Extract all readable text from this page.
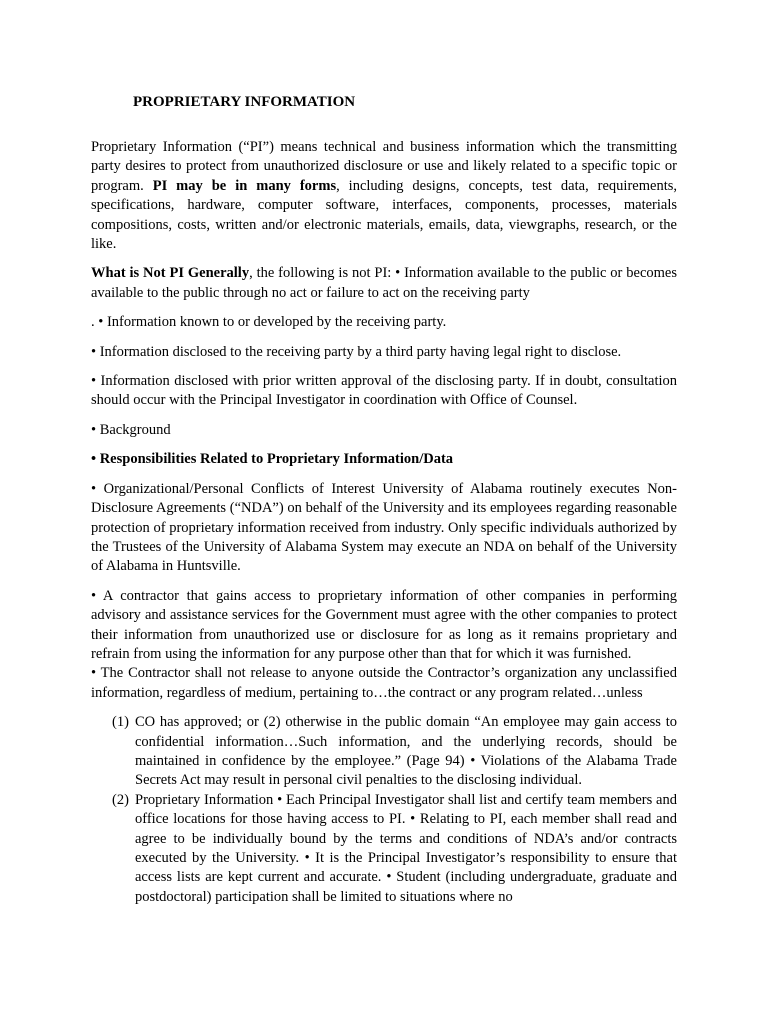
PROPRIETARY INFORMATION

Proprietary Information (“PI”) means technical and business information which the transmitting party desires to protect from unauthorized disclosure or use and likely related to a specific topic or program. PI may be in many forms, including designs, concepts, test data, requirements, specifications, hardware, computer software, interfaces, components, processes, materials compositions, costs, written and/or electronic materials, emails, data, viewgraphs, research, or the like.

What is Not PI Generally, the following is not PI: • Information available to the public or becomes available to the public through no act or failure to act on the receiving party

. • Information known to or developed by the receiving party.

• Information disclosed to the receiving party by a third party having legal right to disclose.

• Information disclosed with prior written approval of the disclosing party. If in doubt, consultation should occur with the Principal Investigator in coordination with Office of Counsel.

• Background

• Responsibilities Related to Proprietary Information/Data

• Organizational/Personal Conflicts of Interest University of Alabama routinely executes Non-Disclosure Agreements (“NDA”) on behalf of the University and its employees regarding reasonable protection of proprietary information received from industry. Only specific individuals authorized by the Trustees of the University of Alabama System may execute an NDA on behalf of the University of Alabama in Huntsville.

• A contractor that gains access to proprietary information of other companies in performing advisory and assistance services for the Government must agree with the other companies to protect their information from unauthorized use or disclosure for as long as it remains proprietary and refrain from using the information for any purpose other than that for which it was furnished.

• The Contractor shall not release to anyone outside the Contractor’s organization any unclassified information, regardless of medium, pertaining to…the contract or any program related…unless

(1) CO has approved; or (2) otherwise in the public domain “An employee may gain access to confidential information…Such information, and the underlying records, should be maintained in confidence by the employee.” (Page 94) • Violations of the Alabama Trade Secrets Act may result in personal civil penalties to the disclosing individual.
(2) Proprietary Information • Each Principal Investigator shall list and certify team members and office locations for those having access to PI. • Relating to PI, each member shall read and agree to be individually bound by the terms and conditions of NDA’s and/or contracts executed by the University. • It is the Principal Investigator’s responsibility to ensure that access lists are kept current and accurate. • Student (including undergraduate, graduate and postdoctoral) participation shall be limited to situations where no
